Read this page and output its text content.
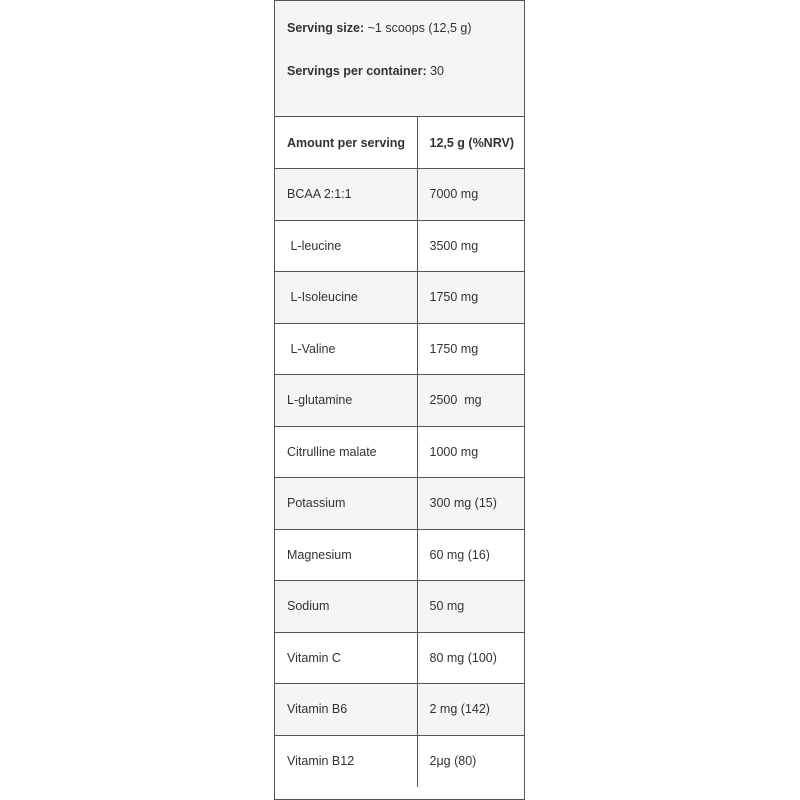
Serving size: ~1 scoops (12,5 g)
Servings per container: 30
Amount per serving	12,5 g (%NRV)
BCAA 2:1:1	7000 mg
L-leucine	3500 mg
L-Isoleucine	1750 mg
L-Valine	1750 mg
L-glutamine	2500  mg
Citrulline malate	1000 mg
Potassium	300 mg (15)
Magnesium	60 mg (16)
Sodium	50 mg
Vitamin C	80 mg (100)
Vitamin B6	2 mg (142)
Vitamin B12	2μg (80)
